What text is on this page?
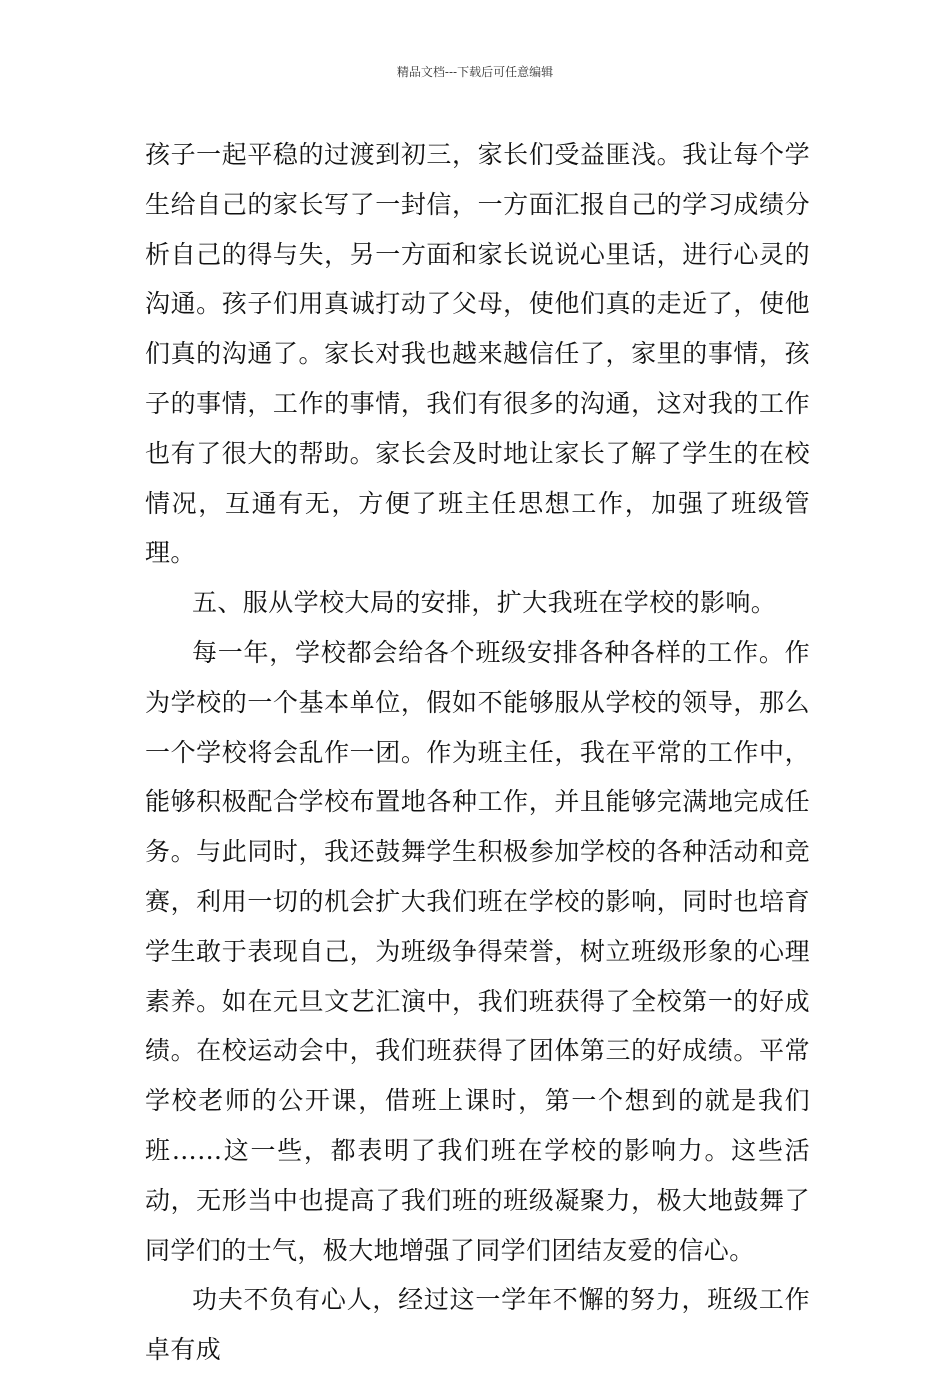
精品文档---下载后可任意编辑

孩子一起平稳的过渡到初三，家长们受益匪浅。我让每个学生给自己的家长写了一封信，一方面汇报自己的学习成绩分析自己的得与失，另一方面和家长说说心里话，进行心灵的沟通。孩子们用真诚打动了父母，使他们真的走近了，使他们真的沟通了。家长对我也越来越信任了，家里的事情，孩子的事情，工作的事情，我们有很多的沟通，这对我的工作也有了很大的帮助。家长会及时地让家长了解了学生的在校情况，互通有无，方便了班主任思想工作，加强了班级管理。

五、服从学校大局的安排，扩大我班在学校的影响。

每一年，学校都会给各个班级安排各种各样的工作。作为学校的一个基本单位，假如不能够服从学校的领导，那么一个学校将会乱作一团。作为班主任，我在平常的工作中，能够积极配合学校布置地各种工作，并且能够完满地完成任务。与此同时，我还鼓舞学生积极参加学校的各种活动和竞赛，利用一切的机会扩大我们班在学校的影响，同时也培育学生敢于表现自己，为班级争得荣誉，树立班级形象的心理素养。如在元旦文艺汇演中，我们班获得了全校第一的好成绩。在校运动会中，我们班获得了团体第三的好成绩。平常学校老师的公开课，借班上课时，第一个想到的就是我们班……这一些，都表明了我们班在学校的影响力。这些活动，无形当中也提高了我们班的班级凝聚力，极大地鼓舞了同学们的士气，极大地增强了同学们团结友爱的信心。

功夫不负有心人，经过这一学年不懈的努力，班级工作卓有成
